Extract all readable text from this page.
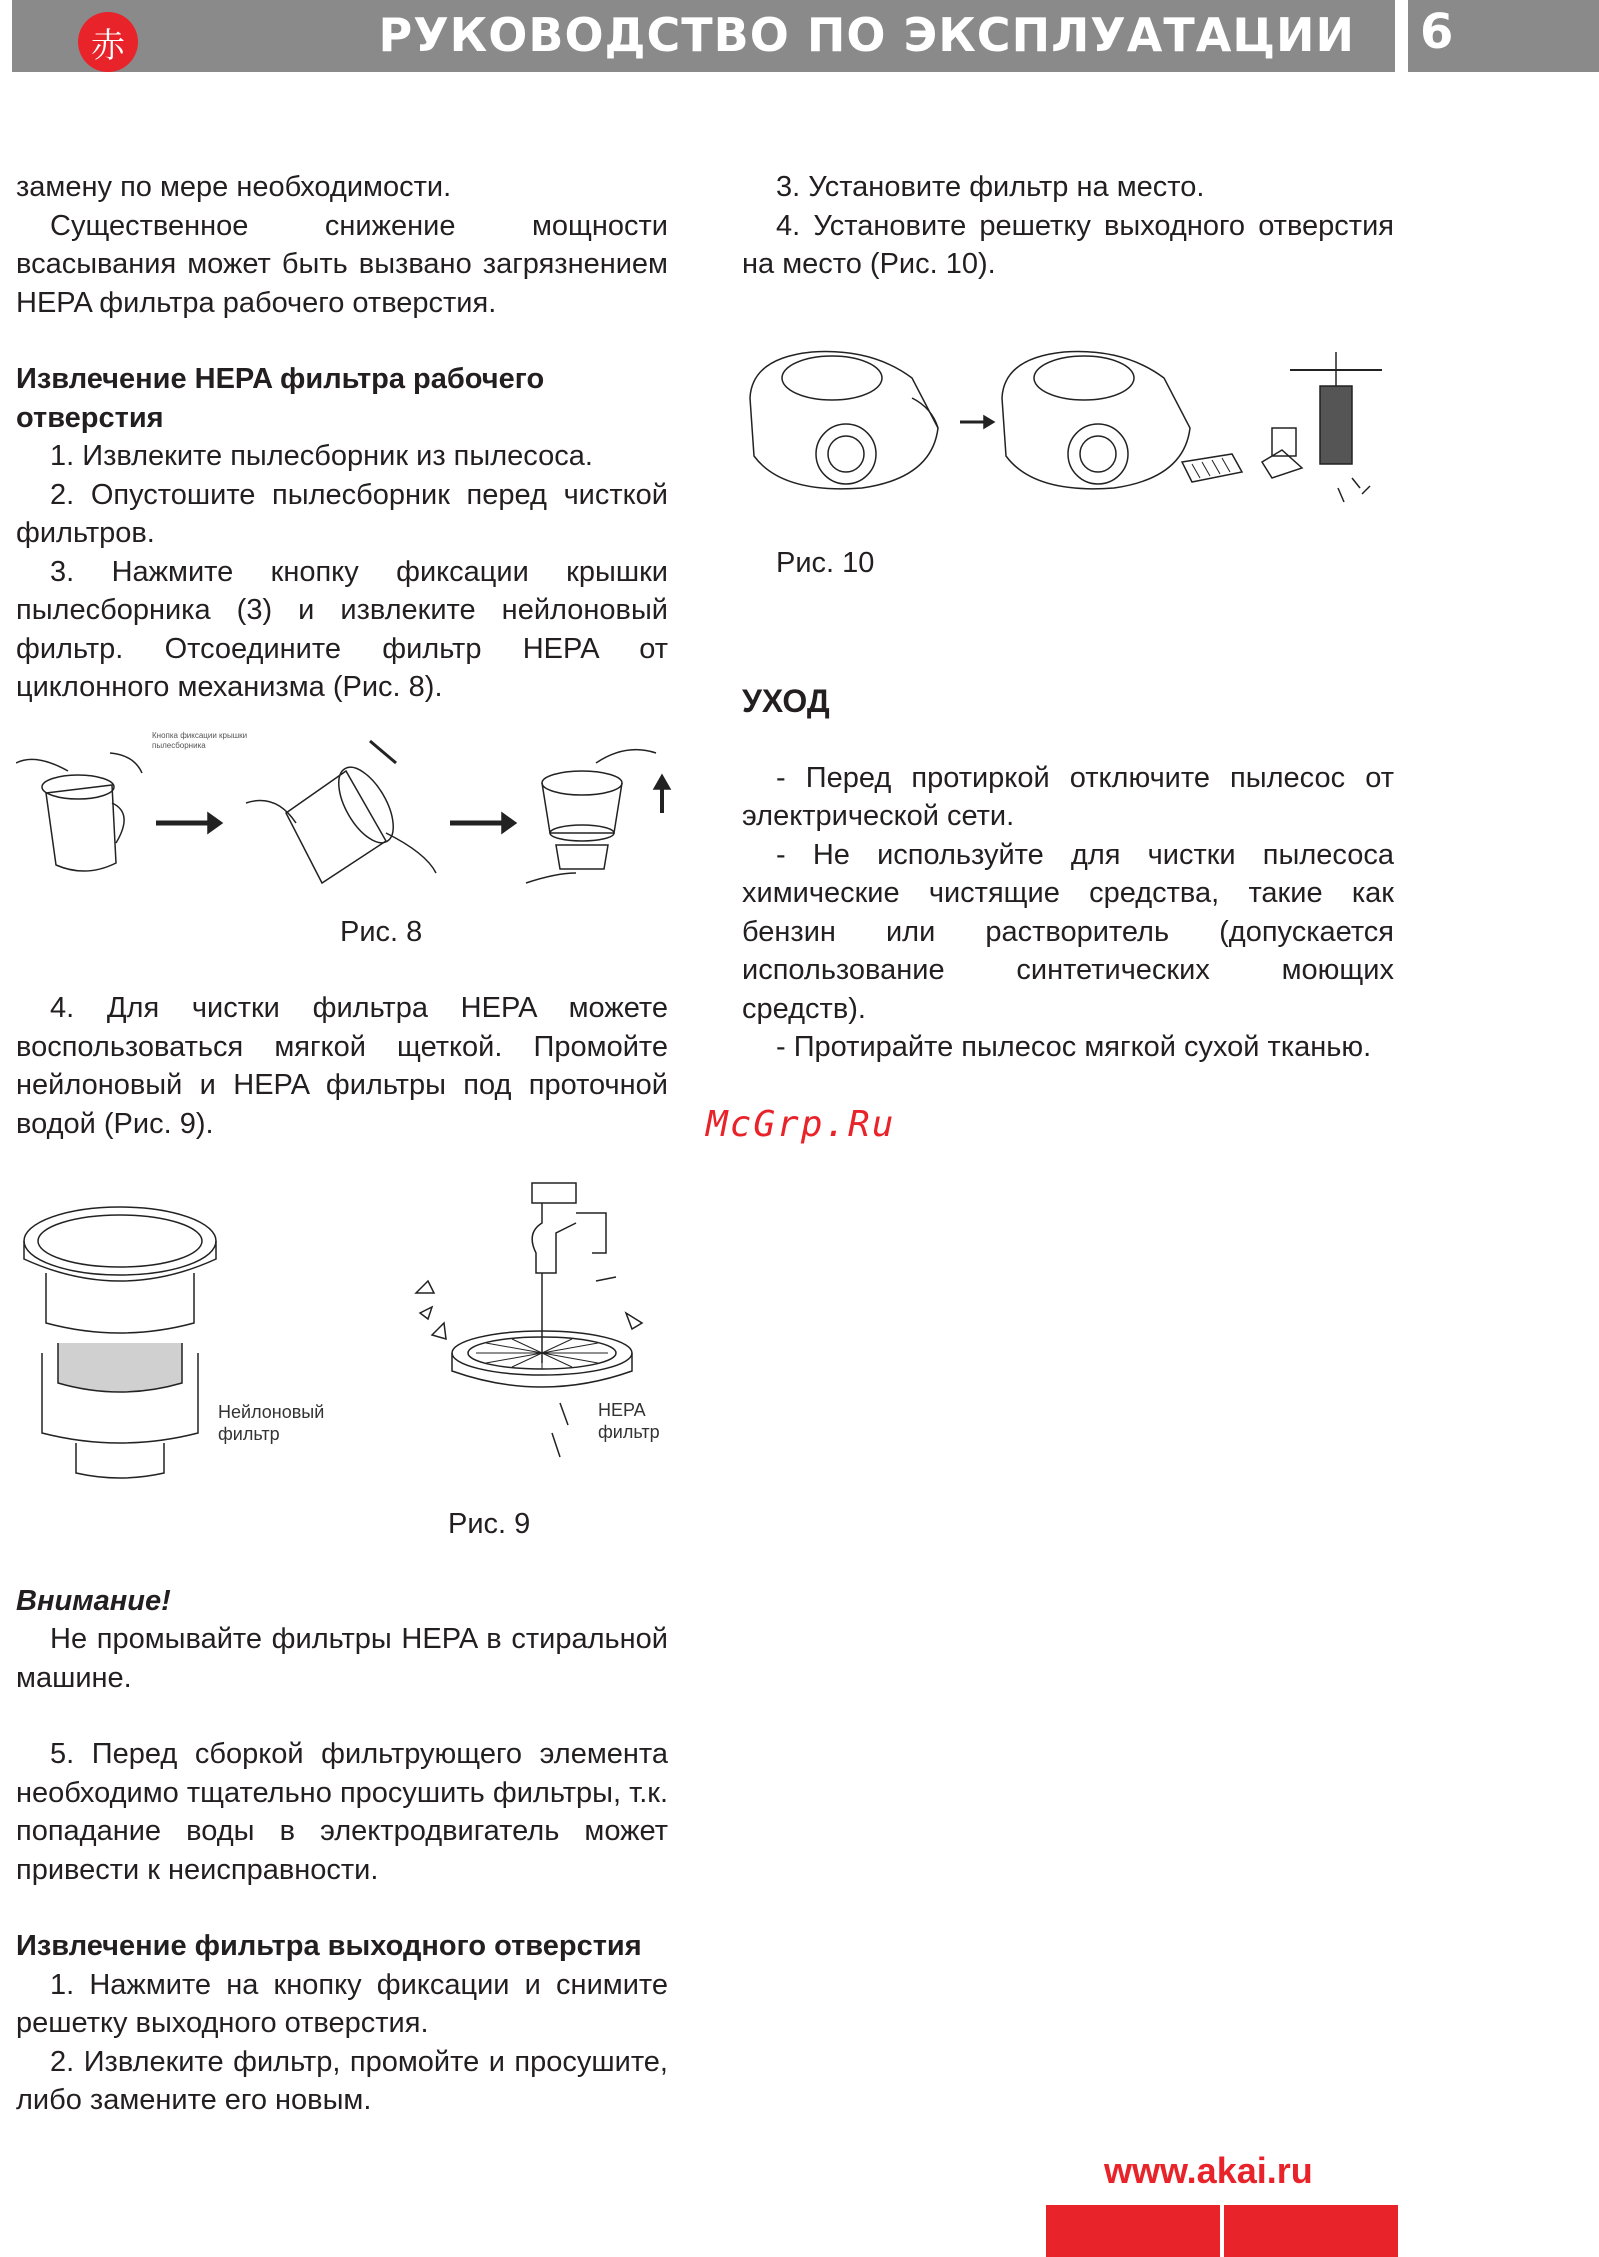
赤	РУКОВОДСТВО ПО ЭКСПЛУАТАЦИИ 6

замену по мере необходимости.

Существенное снижение мощности всасывания может быть вызвано загрязнением HEPA фильтра рабочего отверстия.

Извлечение HEPA фильтра рабочего отверстия

1. Извлеките пылесборник из пылесоса.

2. Опустошите пылесборник перед чисткой фильтров.

3. Нажмите кнопку фиксации крышки пылесборника (3) и извлеките нейлоновый фильтр. Отсоедините фильтр HEPA от циклонного механизма (Рис. 8).

Кнопка фиксации крышки пылесборника

Рис. 8

4. Для чистки фильтра HEPA можете воспользоваться мягкой щеткой. Промойте нейлоновый и HEPA фильтры под проточной водой (Рис. 9).

Нейлоновый фильтр
HEPA фильтр

Рис. 9

Внимание!

Не промывайте фильтры HEPA в стиральной машине.

5. Перед сборкой фильтрующего элемента необходимо тщательно просушить фильтры, т.к. попадание воды в электродвигатель может привести к неисправности.

Извлечение фильтра выходного отверстия

1. Нажмите на кнопку фиксации и снимите решетку выходного отверстия.

2. Извлеките фильтр, промойте и просушите, либо замените его новым.

3. Установите фильтр на место.

4. Установите решетку выходного отверстия на место (Рис. 10).

Рис. 10

УХОД

- Перед протиркой отключите пылесос от электрической сети.

- Не используйте для чистки пылесоса химические чистящие средства, такие как бензин или растворитель (допускается использование синтетических моющих средств).

- Протирайте пылесос мягкой сухой тканью.

McGrp.Ru
www.akai.ru
